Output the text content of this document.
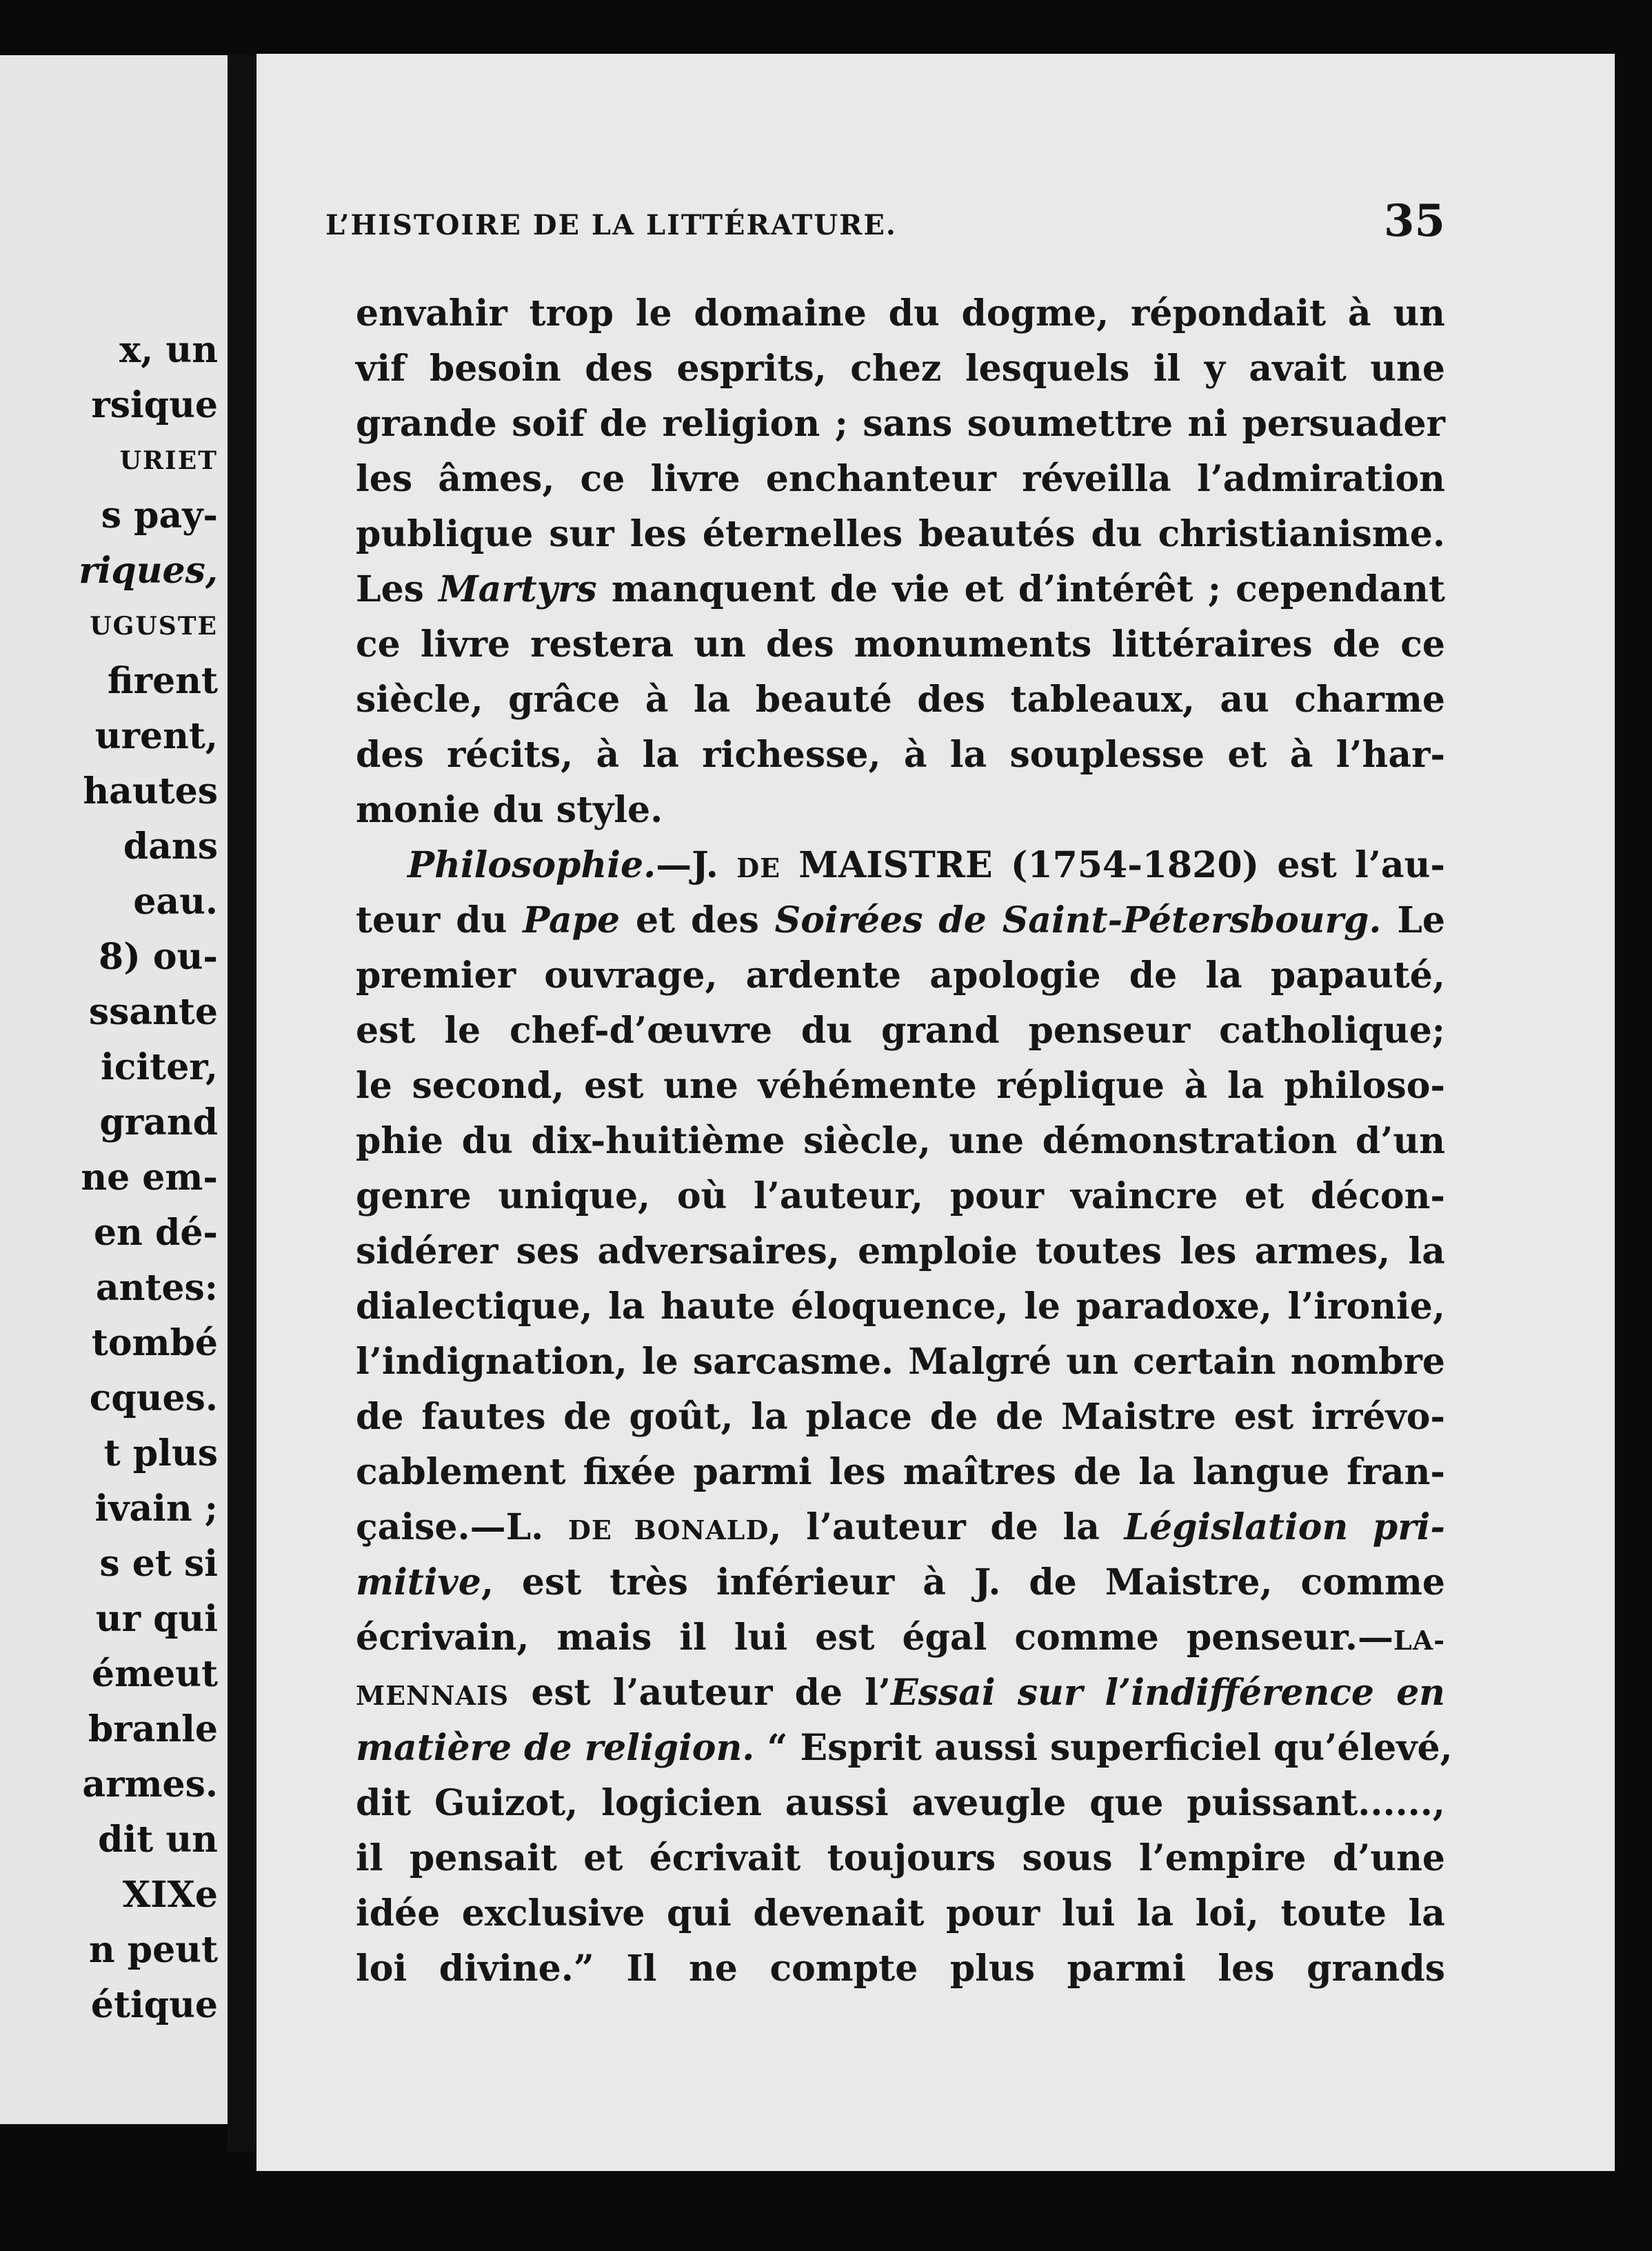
x, un
rsique
URIET
s pay-
riques,
UGUSTE
firent
urent,
hautes
dans
eau.
8) ou-
ssante
iciter,
grand
ne em-
en dé-
antes:
tombé
cques.
t plus
ivain ;
s et si
ur qui
émeut
branle
armes.
dit un
XIXe
n peut
étique
L’HISTOIRE DE LA LITTÉRATURE.	35
envahir trop le domaine du dogme, répondait à un
vif besoin des esprits, chez lesquels il y avait une
grande soif de religion ; sans soumettre ni persuader
les âmes, ce livre enchanteur réveilla l’admiration
publique sur les éternelles beautés du christianisme.
Les Martyrs manquent de vie et d’intérêt ; cependant
ce livre restera un des monuments littéraires de ce
siècle, grâce à la beauté des tableaux, au charme
des récits, à la richesse, à la souplesse et à l’har-
monie du style.
Philosophie.—J. DE MAISTRE (1754-1820) est l’au-
teur du Pape et des Soirées de Saint-Pétersbourg. Le
premier ouvrage, ardente apologie de la papauté,
est le chef-d’œuvre du grand penseur catholique;
le second, est une véhémente réplique à la philoso-
phie du dix-huitième siècle, une démonstration d’un
genre unique, où l’auteur, pour vaincre et décon-
sidérer ses adversaires, emploie toutes les armes, la
dialectique, la haute éloquence, le paradoxe, l’ironie,
l’indignation, le sarcasme. Malgré un certain nombre
de fautes de goût, la place de de Maistre est irrévo-
cablement fixée parmi les maîtres de la langue fran-
çaise.—L. DE BONALD, l’auteur de la Législation pri-
mitive, est très inférieur à J. de Maistre, comme
écrivain, mais il lui est égal comme penseur.—LA-
MENNAIS est l’auteur de l’Essai sur l’indifférence en
matière de religion. “ Esprit aussi superficiel qu’élevé,
dit Guizot, logicien aussi aveugle que puissant......,
il pensait et écrivait toujours sous l’empire d’une
idée exclusive qui devenait pour lui la loi, toute la
loi divine.” Il ne compte plus parmi les grands
